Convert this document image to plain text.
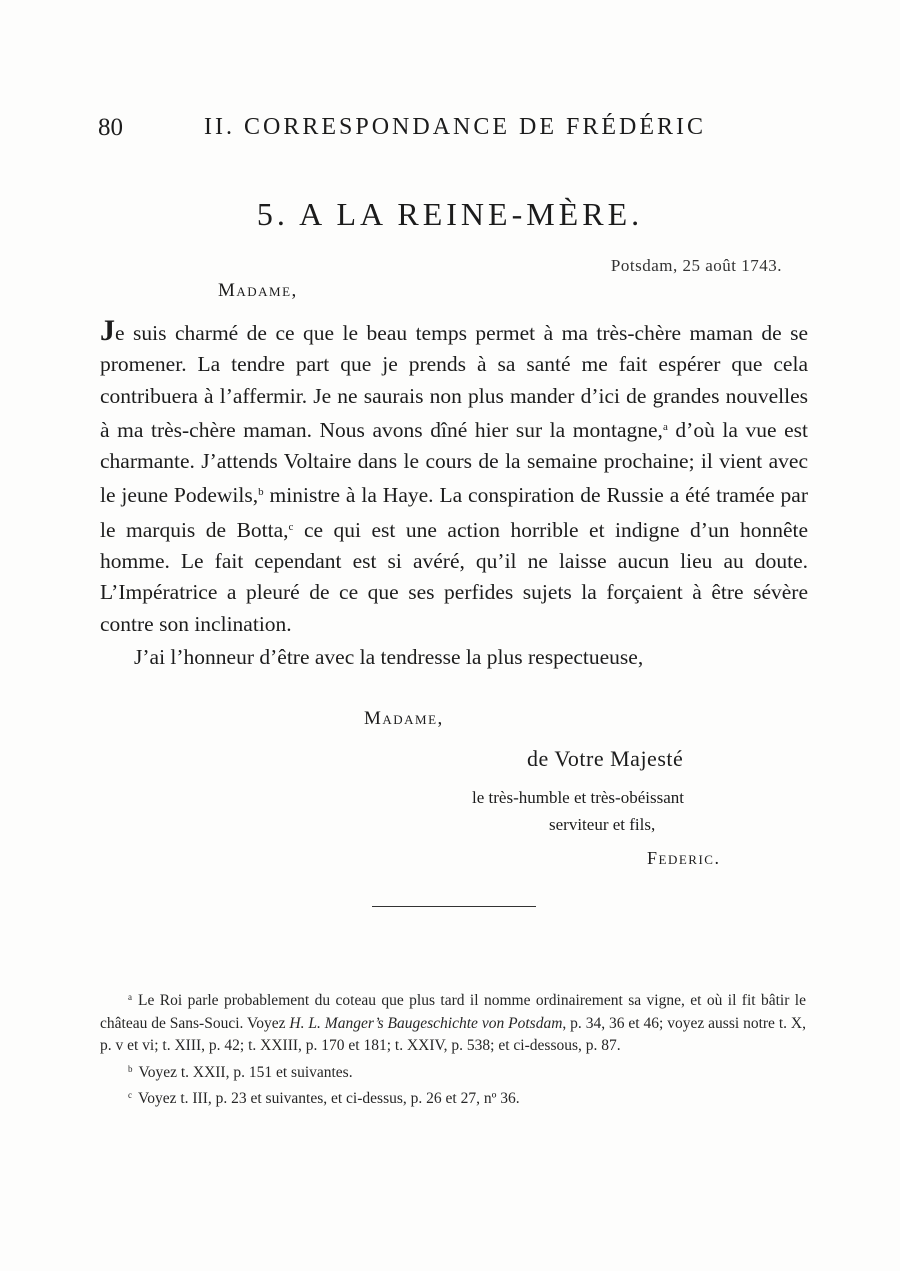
80	II. CORRESPONDANCE DE FRÉDÉRIC
5. A LA REINE-MÈRE.
Potsdam, 25 août 1743.
Madame,

Je suis charmé de ce que le beau temps permet à ma très-chère maman de se promener. La tendre part que je prends à sa santé me fait espérer que cela contribuera à l’affermir. Je ne saurais non plus mander d’ici de grandes nouvelles à ma très-chère maman. Nous avons dîné hier sur la montagne,$^a$ d’où la vue est charmante. J’attends Voltaire dans le cours de la semaine prochaine; il vient avec le jeune Podewils,$^b$ ministre à la Haye. La conspiration de Russie a été tramée par le marquis de Botta,$^c$ ce qui est une action horrible et indigne d’un honnête homme. Le fait cependant est si avéré, qu’il ne laisse aucun lieu au doute. L’Impératrice a pleuré de ce que ses perfides sujets la forçaient à être sévère contre son inclination.

J’ai l’honneur d’être avec la tendresse la plus respectueuse,

Madame,
de Votre Majesté
le très-humble et très-obéissant
serviteur et fils,
Federic.

$^a$ Le Roi parle probablement du coteau que plus tard il nomme ordinairement sa vigne, et où il fit bâtir le château de Sans-Souci. Voyez H. L. Manger’s Baugeschichte von Potsdam, p. 34, 36 et 46; voyez aussi notre t. X, p. v et vi; t. XIII, p. 42; t. XXIII, p. 170 et 181; t. XXIV, p. 538; et ci-dessous, p. 87.

$^b$ Voyez t. XXII, p. 151 et suivantes.

$^c$ Voyez t. III, p. 23 et suivantes, et ci-dessus, p. 26 et 27, nº 36.
